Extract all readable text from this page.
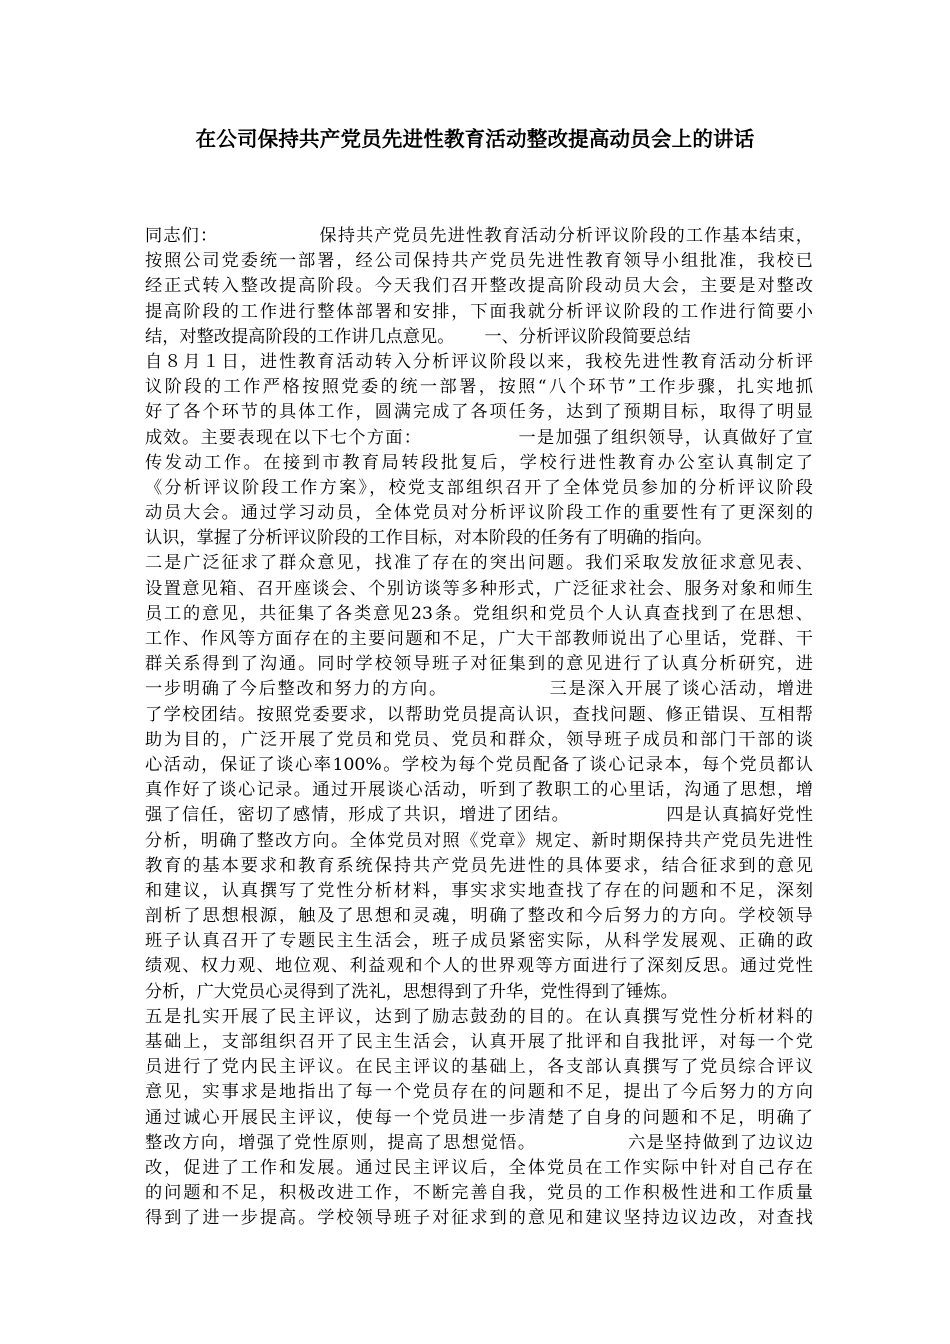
在公司保持共产党员先进性教育活动整改提高动员会上的讲话
同志们：	保持共产党员先进性教育活动分析评议阶段的工作基本结束，
按照公司党委统一部署，经公司保持共产党员先进性教育领导小组批准，我校已
经正式转入整改提高阶段。今天我们召开整改提高阶段动员大会，主要是对整改
提高阶段的工作进行整体部署和安排，下面我就分析评议阶段的工作进行简要小
结，对整改提高阶段的工作讲几点意见。 一、分析评议阶段简要总结
自８月１日，进性教育活动转入分析评议阶段以来，我校先进性教育活动分析评
议阶段的工作严格按照党委的统一部署，按照“八个环节”工作步骤，扎实地抓
好了各个环节的具体工作，圆满完成了各项任务，达到了预期目标，取得了明显
成效。主要表现在以下七个方面：	一是加强了组织领导，认真做好了宣
传发动工作。在接到市教育局转段批复后，学校行进性教育办公室认真制定了
《分析评议阶段工作方案》，校党支部组织召开了全体党员参加的分析评议阶段
动员大会。通过学习动员，全体党员对分析评议阶段工作的重要性有了更深刻的
认识，掌握了分析评议阶段的工作目标，对本阶段的任务有了明确的指向。
二是广泛征求了群众意见，找准了存在的突出问题。我们采取发放征求意见表、
设置意见箱、召开座谈会、个别访谈等多种形式，广泛征求社会、服务对象和师生
员工的意见，共征集了各类意见23条。党组织和党员个人认真查找到了在思想、
工作、作风等方面存在的主要问题和不足，广大干部教师说出了心里话，党群、干
群关系得到了沟通。同时学校领导班子对征集到的意见进行了认真分析研究，进
一步明确了今后整改和努力的方向。	三是深入开展了谈心活动，增进
了学校团结。按照党委要求，以帮助党员提高认识，查找问题、修正错误、互相帮
助为目的，广泛开展了党员和党员、党员和群众，领导班子成员和部门干部的谈
心活动，保证了谈心率100%。学校为每个党员配备了谈心记录本，每个党员都认
真作好了谈心记录。通过开展谈心活动，听到了教职工的心里话，沟通了思想，增
强了信任，密切了感情，形成了共识，增进了团结。	四是认真搞好党性
分析，明确了整改方向。全体党员对照《党章》规定、新时期保持共产党员先进性
教育的基本要求和教育系统保持共产党员先进性的具体要求，结合征求到的意见
和建议，认真撰写了党性分析材料，事实求实地查找了存在的问题和不足，深刻
剖析了思想根源，触及了思想和灵魂，明确了整改和今后努力的方向。学校领导
班子认真召开了专题民主生活会，班子成员紧密实际，从科学发展观、正确的政
绩观、权力观、地位观、利益观和个人的世界观等方面进行了深刻反思。通过党性
分析，广大党员心灵得到了洗礼，思想得到了升华，党性得到了锤炼。
五是扎实开展了民主评议，达到了励志鼓劲的目的。在认真撰写党性分析材料的
基础上，支部组织召开了民主生活会，认真开展了批评和自我批评，对每一个党
员进行了党内民主评议。在民主评议的基础上，各支部认真撰写了党员综合评议
意见，实事求是地指出了每一个党员存在的问题和不足，提出了今后努力的方向
通过诚心开展民主评议，使每一个党员进一步清楚了自身的问题和不足，明确了
整改方向，增强了党性原则，提高了思想觉悟。	六是坚持做到了边议边
改，促进了工作和发展。通过民主评议后，全体党员在工作实际中针对自己存在
的问题和不足，积极改进工作，不断完善自我，党员的工作积极性进和工作质量
得到了进一步提高。学校领导班子对征求到的意见和建议坚持边议边改，对查找
